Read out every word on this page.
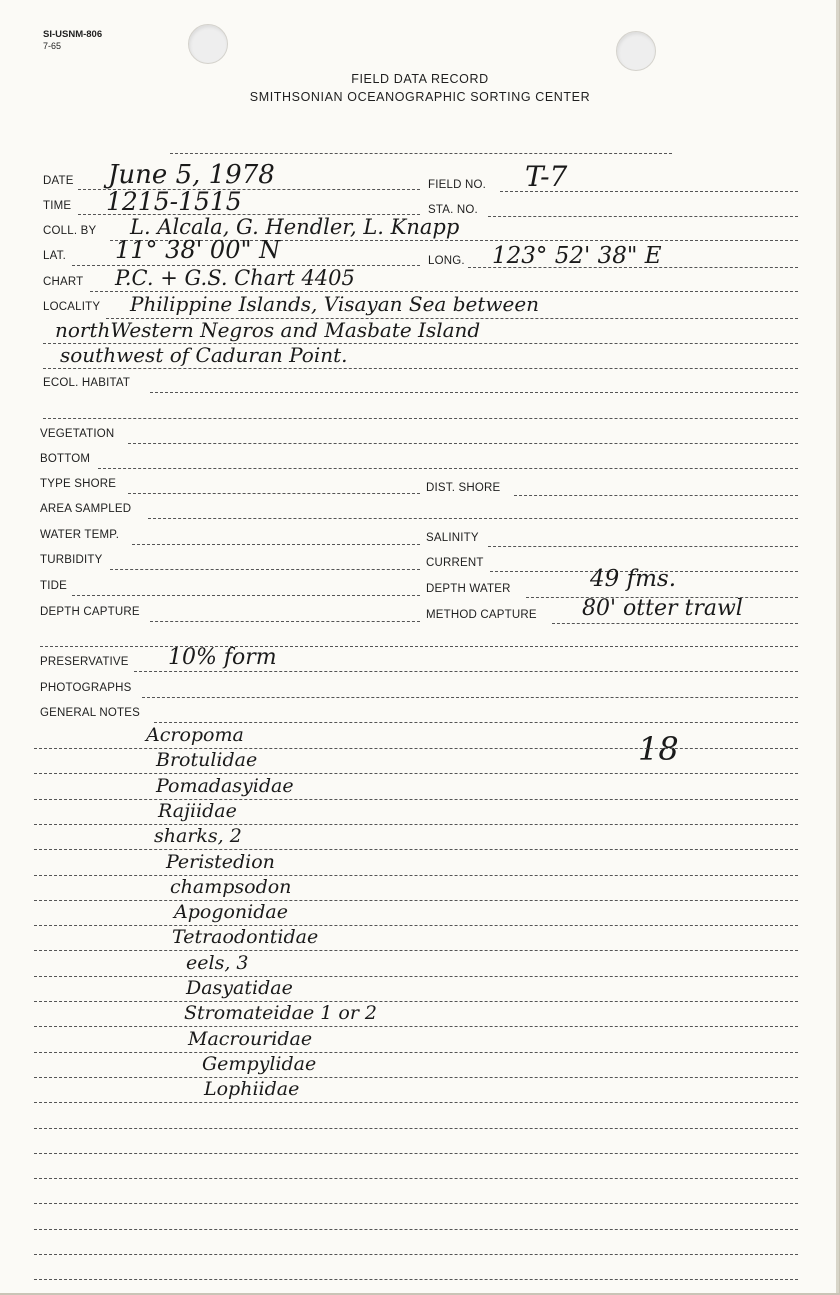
SI-USNM-806
7-65
FIELD DATA RECORD
SMITHSONIAN OCEANOGRAPHIC SORTING CENTER
DATE June 5, 1978	FIELD NO. T-7
TIME 1215-1515	STA. NO.
COLL. BY L. Alcala, G. Hendler, L. Knapp
LAT. 11° 38' 00" N	LONG. 123° 52' 38" E
CHART P.C. + G.S. Chart 4405
LOCALITY Philippine Islands, Visayan Sea between
northWestern Negros and Masbate Island
southwest of Caduran Point.
ECOL. HABITAT
VEGETATION
BOTTOM
TYPE SHORE	DIST. SHORE
AREA SAMPLED
WATER TEMP.	SALINITY
TURBIDITY	CURRENT
TIDE	DEPTH WATER	49 fms.
DEPTH CAPTURE	METHOD CAPTURE 80' otter trawl
PRESERVATIVE 10% form
PHOTOGRAPHS
GENERAL NOTES
18
Acropoma
Brotulidae
Pomadasyidae
Rajiidae
sharks, 2
Peristedion
champsodon
Apogonidae
Tetraodontidae
eels, 3
Dasyatidae
Stromateidae 1 or 2
Macrouridae
Gempylidae
Lophiidae
